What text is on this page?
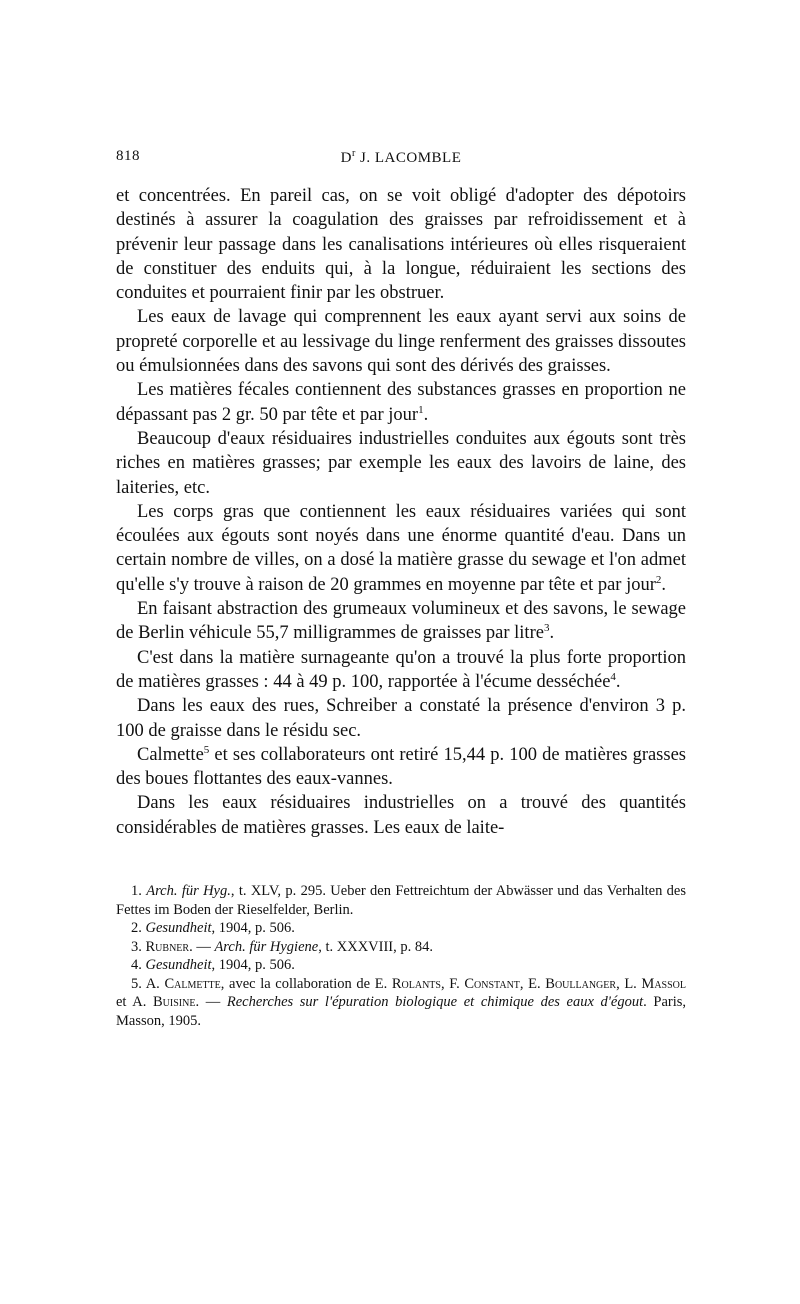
818	$D^r$ J. LACOMBLE

et concentrées. En pareil cas, on se voit obligé d'adopter des dépotoirs destinés à assurer la coagulation des graisses par refroidissement et à prévenir leur passage dans les canalisations intérieures où elles risqueraient de constituer des enduits qui, à la longue, réduiraient les sections des conduites et pourraient finir par les obstruer.

Les eaux de lavage qui comprennent les eaux ayant servi aux soins de propreté corporelle et au lessivage du linge renferment des graisses dissoutes ou émulsionnées dans des savons qui sont des dérivés des graisses.

Les matières fécales contiennent des substances grasses en proportion ne dépassant pas 2 gr. 50 par tête et par jour$^1$.

Beaucoup d'eaux résiduaires industrielles conduites aux égouts sont très riches en matières grasses; par exemple les eaux des lavoirs de laine, des laiteries, etc.

Les corps gras que contiennent les eaux résiduaires variées qui sont écoulées aux égouts sont noyés dans une énorme quantité d'eau. Dans un certain nombre de villes, on a dosé la matière grasse du sewage et l'on admet qu'elle s'y trouve à raison de 20 grammes en moyenne par tête et par jour$^2$.

En faisant abstraction des grumeaux volumineux et des savons, le sewage de Berlin véhicule 55,7 milligrammes de graisses par litre$^3$.

C'est dans la matière surnageante qu'on a trouvé la plus forte proportion de matières grasses : 44 à 49 p. 100, rapportée à l'écume desséchée$^4$.

Dans les eaux des rues, Schreiber a constaté la présence d'environ 3 p. 100 de graisse dans le résidu sec.

Calmette$^5$ et ses collaborateurs ont retiré 15,44 p. 100 de matières grasses des boues flottantes des eaux-vannes.

Dans les eaux résiduaires industrielles on a trouvé des quantités considérables de matières grasses. Les eaux de laite-

1. Arch. für Hyg., t. XLV, p. 295. Ueber den Fettreichtum der Abwässer und das Verhalten des Fettes im Boden der Rieselfelder, Berlin.

2. Gesundheit, 1904, p. 506.

3. Rubner. — Arch. für Hygiene, t. XXXVIII, p. 84.

4. Gesundheit, 1904, p. 506.

5. A. Calmette, avec la collaboration de E. Rolants, F. Constant, E. Boullanger, L. Massol et A. Buisine. — Recherches sur l'épuration biologique et chimique des eaux d'égout. Paris, Masson, 1905.
